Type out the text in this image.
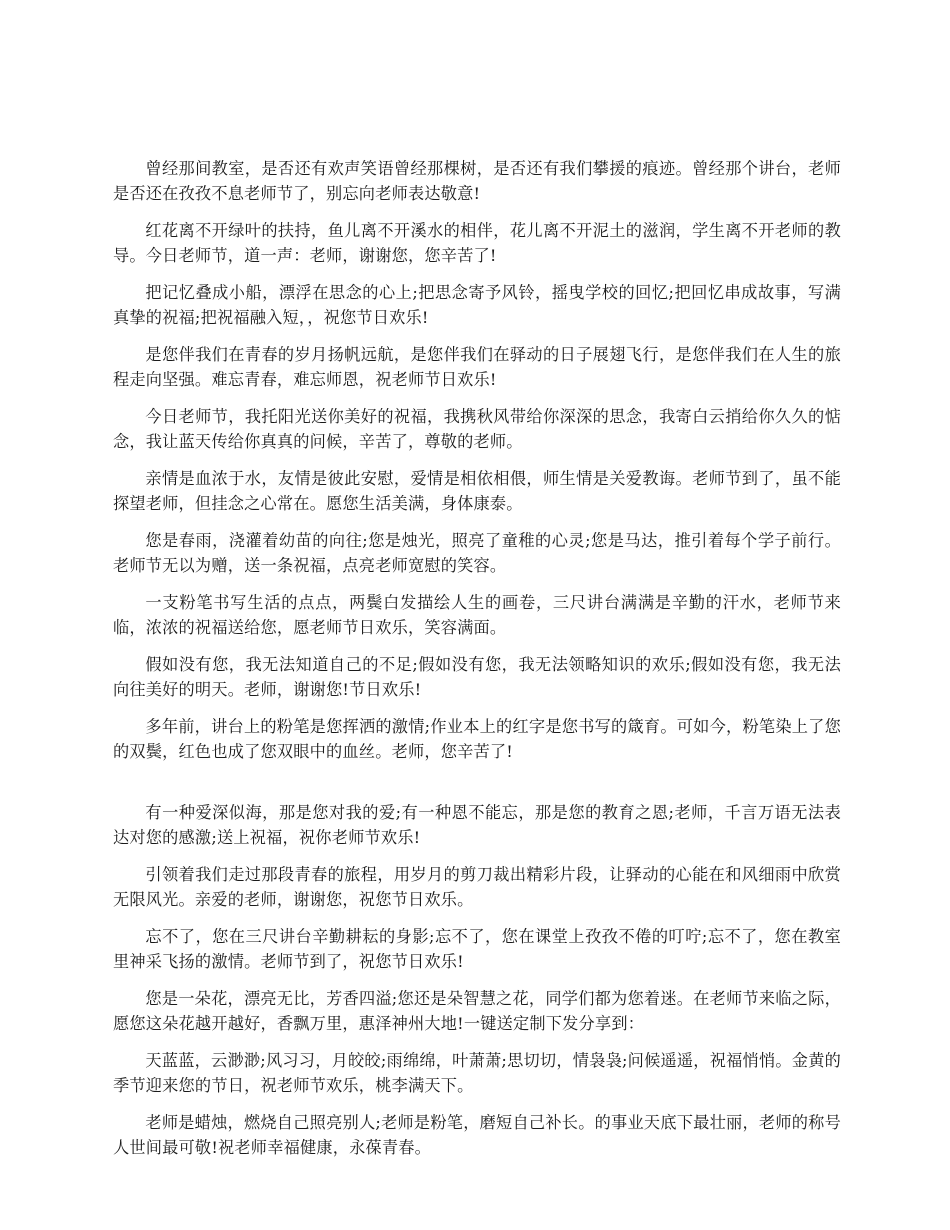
曾经那间教室，是否还有欢声笑语曾经那棵树，是否还有我们攀援的痕迹。曾经那个讲台，老师是否还在孜孜不息老师节了，别忘向老师表达敬意!

红花离不开绿叶的扶持，鱼儿离不开溪水的相伴，花儿离不开泥土的滋润，学生离不开老师的教导。今日老师节，道一声：老师，谢谢您，您辛苦了!

把记忆叠成小船，漂浮在思念的心上;把思念寄予风铃，摇曳学校的回忆;把回忆串成故事，写满真挚的祝福;把祝福融入短，，祝您节日欢乐!

是您伴我们在青春的岁月扬帆远航，是您伴我们在驿动的日子展翅飞行，是您伴我们在人生的旅程走向坚强。难忘青春，难忘师恩，祝老师节日欢乐!

今日老师节，我托阳光送你美好的祝福，我携秋风带给你深深的思念，我寄白云捎给你久久的惦念，我让蓝天传给你真真的问候，辛苦了，尊敬的老师。

亲情是血浓于水，友情是彼此安慰，爱情是相依相偎，师生情是关爱教诲。老师节到了，虽不能探望老师，但挂念之心常在。愿您生活美满，身体康泰。

您是春雨，浇灌着幼苗的向往;您是烛光，照亮了童稚的心灵;您是马达，推引着每个学子前行。老师节无以为赠，送一条祝福，点亮老师宽慰的笑容。

一支粉笔书写生活的点点，两鬓白发描绘人生的画卷，三尺讲台满满是辛勤的汗水，老师节来临，浓浓的祝福送给您，愿老师节日欢乐，笑容满面。

假如没有您，我无法知道自己的不足;假如没有您，我无法领略知识的欢乐;假如没有您，我无法向往美好的明天。老师，谢谢您!节日欢乐!

多年前，讲台上的粉笔是您挥洒的激情;作业本上的红字是您书写的箴育。可如今，粉笔染上了您的双鬓，红色也成了您双眼中的血丝。老师，您辛苦了!

有一种爱深似海，那是您对我的爱;有一种恩不能忘，那是您的教育之恩;老师，千言万语无法表达对您的感激;送上祝福，祝你老师节欢乐!

引领着我们走过那段青春的旅程，用岁月的剪刀裁出精彩片段，让驿动的心能在和风细雨中欣赏无限风光。亲爱的老师，谢谢您，祝您节日欢乐。

忘不了，您在三尺讲台辛勤耕耘的身影;忘不了，您在课堂上孜孜不倦的叮咛;忘不了，您在教室里神采飞扬的激情。老师节到了，祝您节日欢乐!

您是一朵花，漂亮无比，芳香四溢;您还是朵智慧之花，同学们都为您着迷。在老师节来临之际，愿您这朵花越开越好，香飘万里，惠泽神州大地!一键送定制下发分享到：

天蓝蓝，云渺渺;风习习，月皎皎;雨绵绵，叶萧萧;思切切，情袅袅;问候遥遥，祝福悄悄。金黄的季节迎来您的节日，祝老师节欢乐，桃李满天下。

老师是蜡烛，燃烧自己照亮别人;老师是粉笔，磨短自己补长。的事业天底下最壮丽，老师的称号人世间最可敬!祝老师幸福健康，永葆青春。
